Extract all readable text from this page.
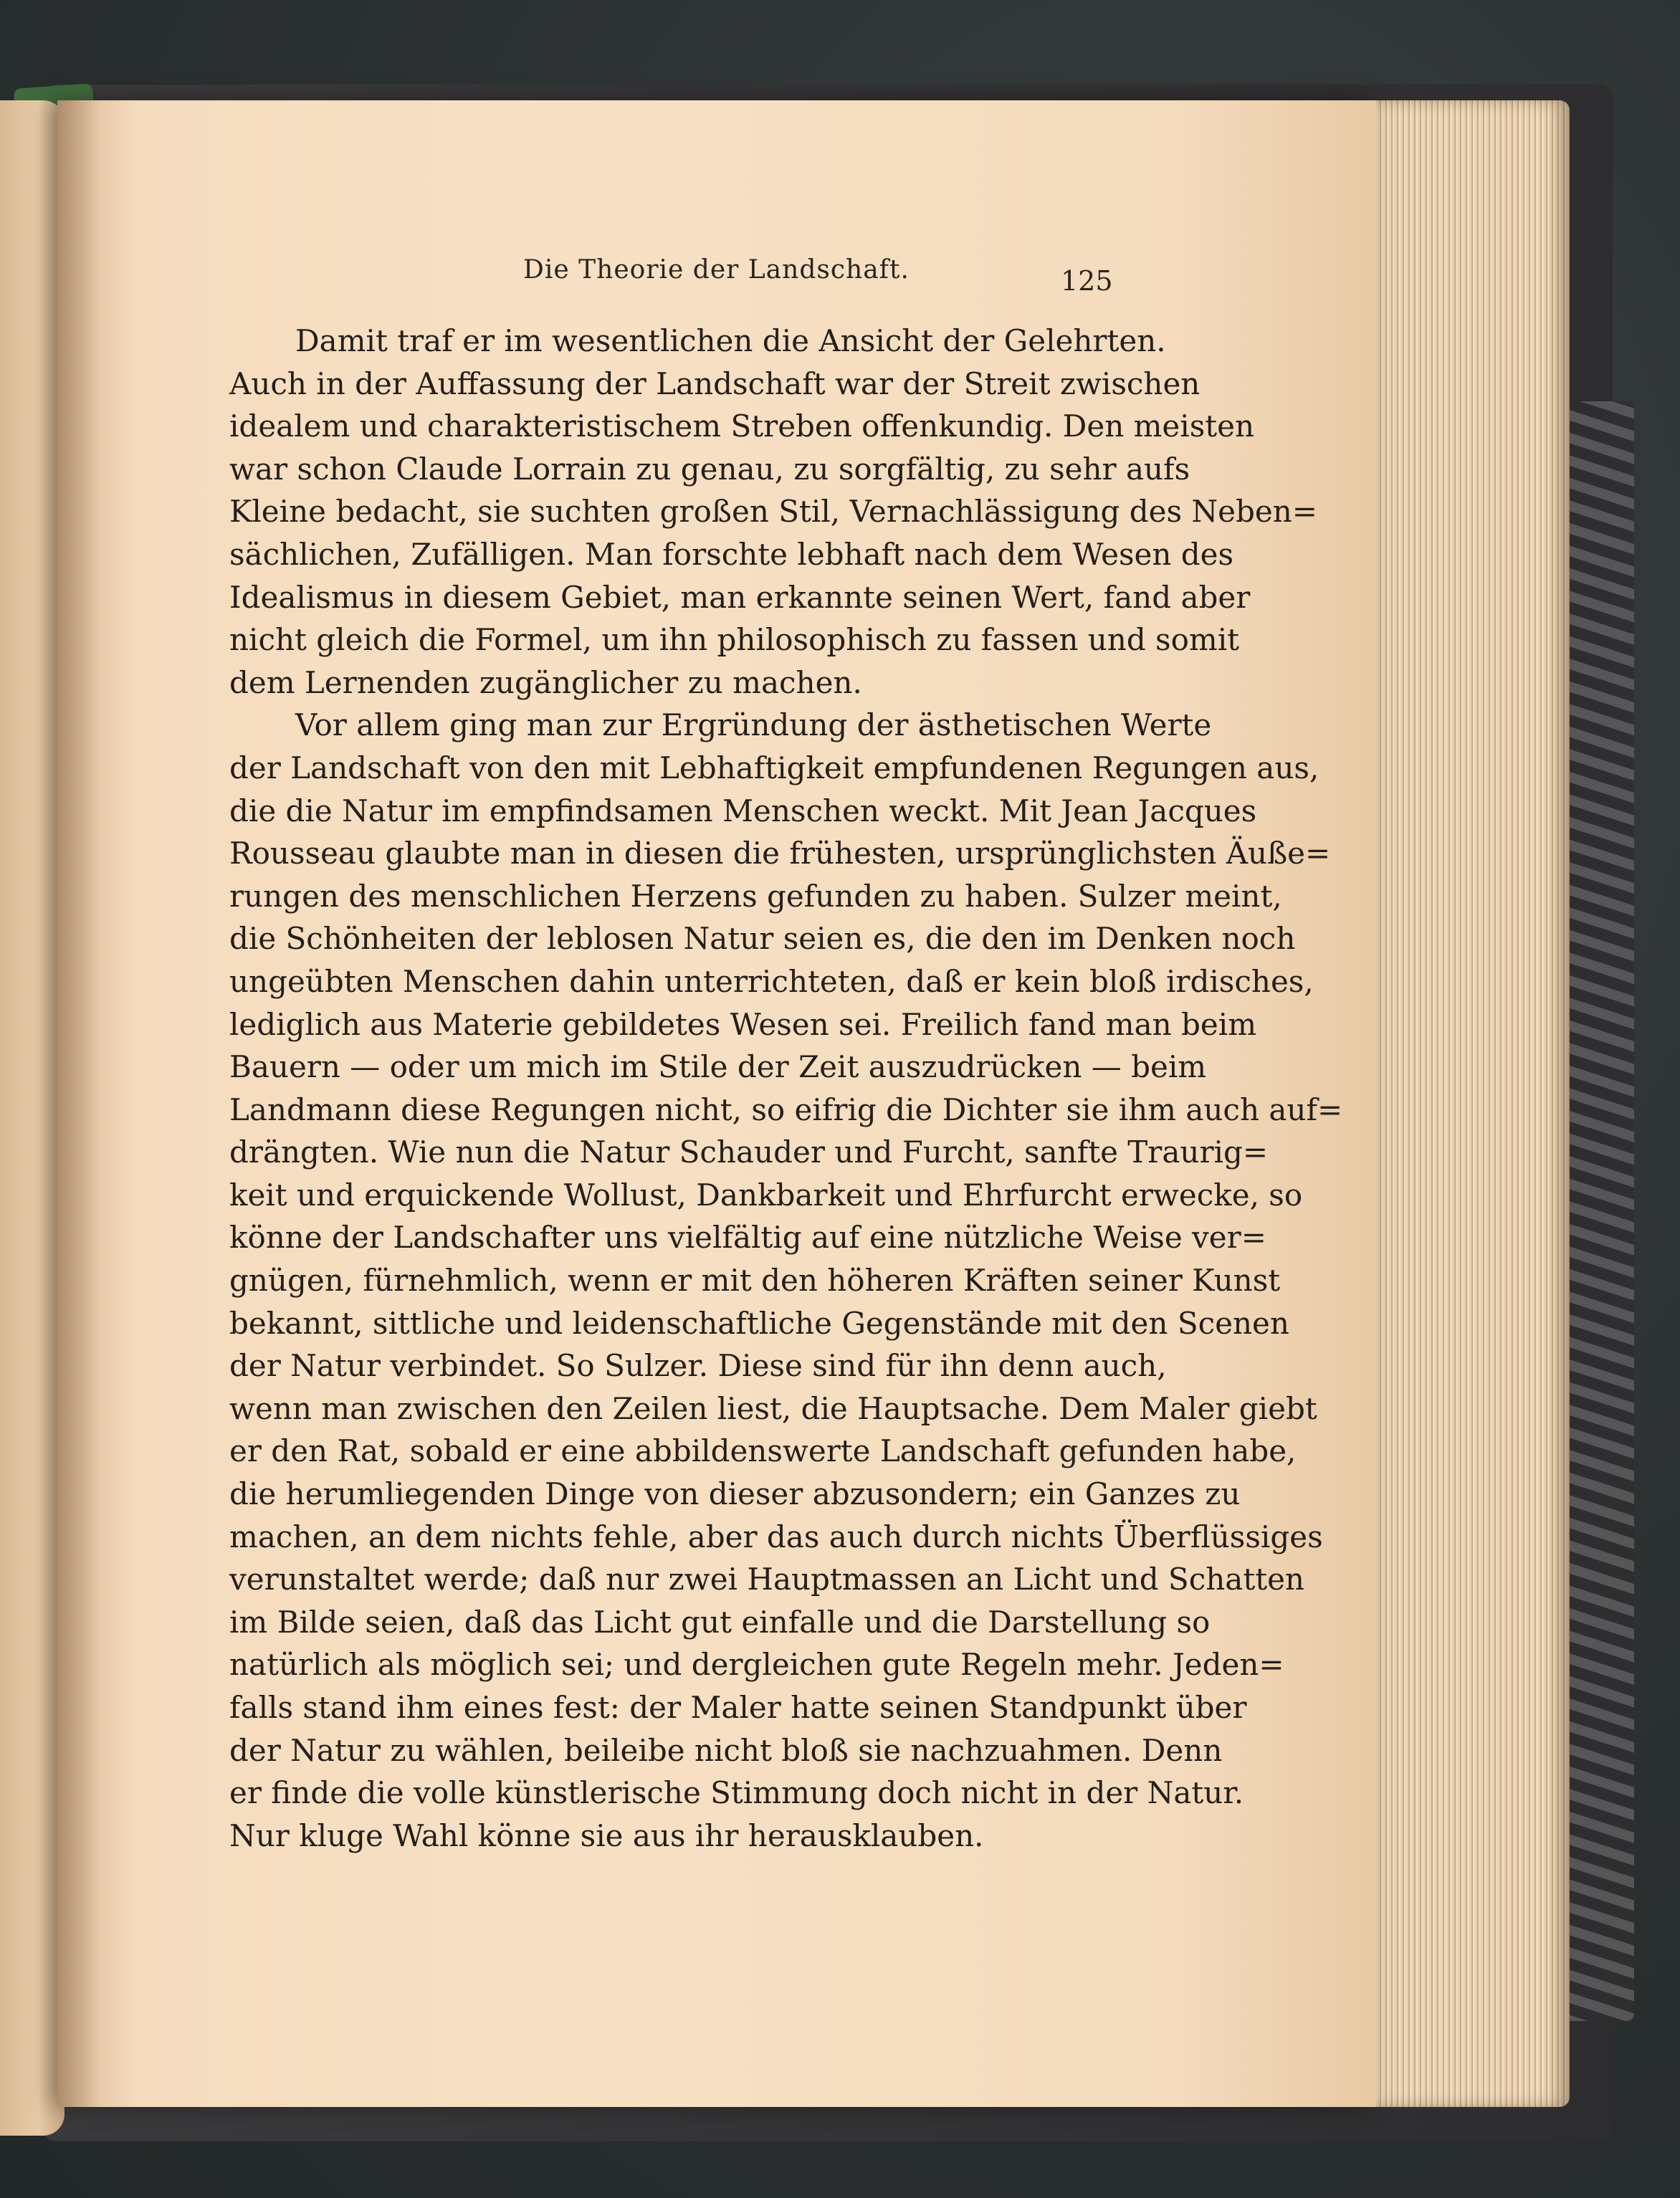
Die Theorie der Landschaft.	125
Damit traf er im wesentlichen die Ansicht der Gelehrten.
Auch in der Auffassung der Landschaft war der Streit zwischen
idealem und charakteristischem Streben offenkundig. Den meisten
war schon Claude Lorrain zu genau, zu sorgfältig, zu sehr aufs
Kleine bedacht, sie suchten großen Stil, Vernachlässigung des Neben=
sächlichen, Zufälligen. Man forschte lebhaft nach dem Wesen des
Idealismus in diesem Gebiet, man erkannte seinen Wert, fand aber
nicht gleich die Formel, um ihn philosophisch zu fassen und somit
dem Lernenden zugänglicher zu machen.
Vor allem ging man zur Ergründung der ästhetischen Werte
der Landschaft von den mit Lebhaftigkeit empfundenen Regungen aus,
die die Natur im empfindsamen Menschen weckt. Mit Jean Jacques
Rousseau glaubte man in diesen die frühesten, ursprünglichsten Äuße=
rungen des menschlichen Herzens gefunden zu haben. Sulzer meint,
die Schönheiten der leblosen Natur seien es, die den im Denken noch
ungeübten Menschen dahin unterrichteten, daß er kein bloß irdisches,
lediglich aus Materie gebildetes Wesen sei. Freilich fand man beim
Bauern — oder um mich im Stile der Zeit auszudrücken — beim
Landmann diese Regungen nicht, so eifrig die Dichter sie ihm auch auf=
drängten. Wie nun die Natur Schauder und Furcht, sanfte Traurig=
keit und erquickende Wollust, Dankbarkeit und Ehrfurcht erwecke, so
könne der Landschafter uns vielfältig auf eine nützliche Weise ver=
gnügen, fürnehmlich, wenn er mit den höheren Kräften seiner Kunst
bekannt, sittliche und leidenschaftliche Gegenstände mit den Scenen
der Natur verbindet. So Sulzer. Diese sind für ihn denn auch,
wenn man zwischen den Zeilen liest, die Hauptsache. Dem Maler giebt
er den Rat, sobald er eine abbildenswerte Landschaft gefunden habe,
die herumliegenden Dinge von dieser abzusondern; ein Ganzes zu
machen, an dem nichts fehle, aber das auch durch nichts Überflüssiges
verunstaltet werde; daß nur zwei Hauptmassen an Licht und Schatten
im Bilde seien, daß das Licht gut einfalle und die Darstellung so
natürlich als möglich sei; und dergleichen gute Regeln mehr. Jeden=
falls stand ihm eines fest: der Maler hatte seinen Standpunkt über
der Natur zu wählen, beileibe nicht bloß sie nachzuahmen. Denn
er finde die volle künstlerische Stimmung doch nicht in der Natur.
Nur kluge Wahl könne sie aus ihr herausklauben.
